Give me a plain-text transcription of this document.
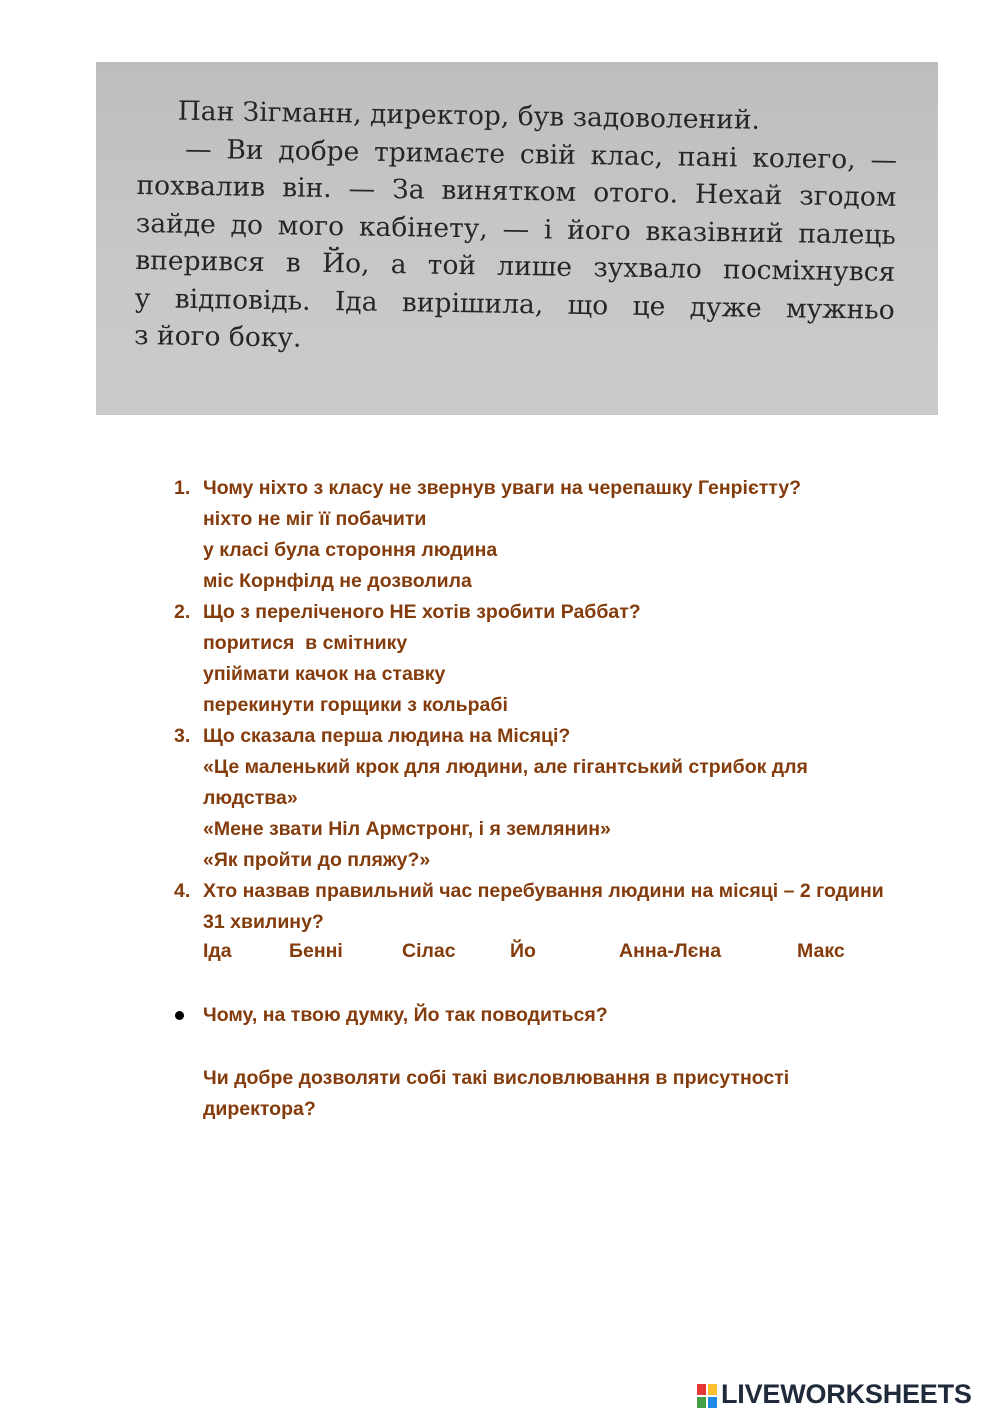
Пан Зігманн, директор, був задоволений.
— Ви добре тримаєте свій клас, пані колего, —
похвалив він. — За винятком отого. Нехай згодом
зайде до мого кабінету, — і його вказівний палець
вперився в Йо, а той лише зухвало посміхнувся
у відповідь. Іда вирішила, що це дуже мужньо
з його боку.
1. Чому ніхто з класу не звернув уваги на черепашку Генрієтту?
ніхто не міг її побачити
у класі була стороння людина
міс Корнфілд не дозволила
2. Що з переліченого НЕ хотів зробити Раббат?
поритися  в смітнику
упіймати качок на ставку
перекинути горщики з кольрабі
3. Що сказала перша людина на Місяці?
«Це маленький крок для людини, але гігантський стрибок для
людства»
«Мене звати Ніл Армстронг, і я землянин»
«Як пройти до пляжу?»
4. Хто назвав правильний час перебування людини на місяці – 2 години
31 хвилину?
Іда	Бенні	Сілас	Йо	Анна-Лєна	Макс
Чому, на твою думку, Йо так поводиться?
Чи добре дозволяти собі такі висловлювання в присутності
директора?
LIVEWORKSHEETS
